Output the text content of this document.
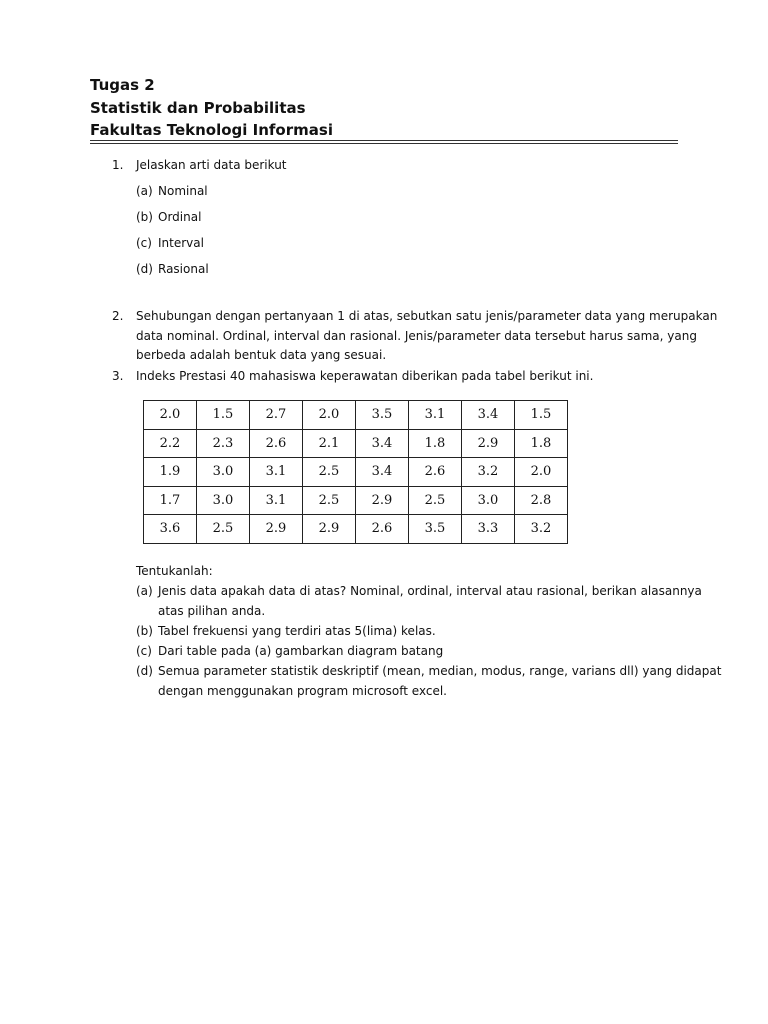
Tugas 2
Statistik dan Probabilitas
Fakultas Teknologi Informasi
1. Jelaskan arti data berikut
(a) Nominal
(b) Ordinal
(c) Interval
(d) Rasional
2. Sehubungan dengan pertanyaan 1 di atas, sebutkan satu jenis/parameter data yang merupakan
data nominal. Ordinal, interval dan rasional. Jenis/parameter data tersebut harus sama, yang
berbeda adalah bentuk data yang sesuai.
3. Indeks Prestasi 40 mahasiswa keperawatan diberikan pada tabel berikut ini.
2.0	1.5	2.7	2.0	3.5	3.1	3.4	1.5
2.2	2.3	2.6	2.1	3.4	1.8	2.9	1.8
1.9	3.0	3.1	2.5	3.4	2.6	3.2	2.0
1.7	3.0	3.1	2.5	2.9	2.5	3.0	2.8
3.6	2.5	2.9	2.9	2.6	3.5	3.3	3.2
Tentukanlah:
(a) Jenis data apakah data di atas? Nominal, ordinal, interval atau rasional, berikan alasannya
atas pilihan anda.
(b) Tabel frekuensi yang terdiri atas 5(lima) kelas.
(c) Dari table pada (a) gambarkan diagram batang
(d) Semua parameter statistik deskriptif (mean, median, modus, range, varians dll) yang didapat
dengan menggunakan program microsoft excel.
